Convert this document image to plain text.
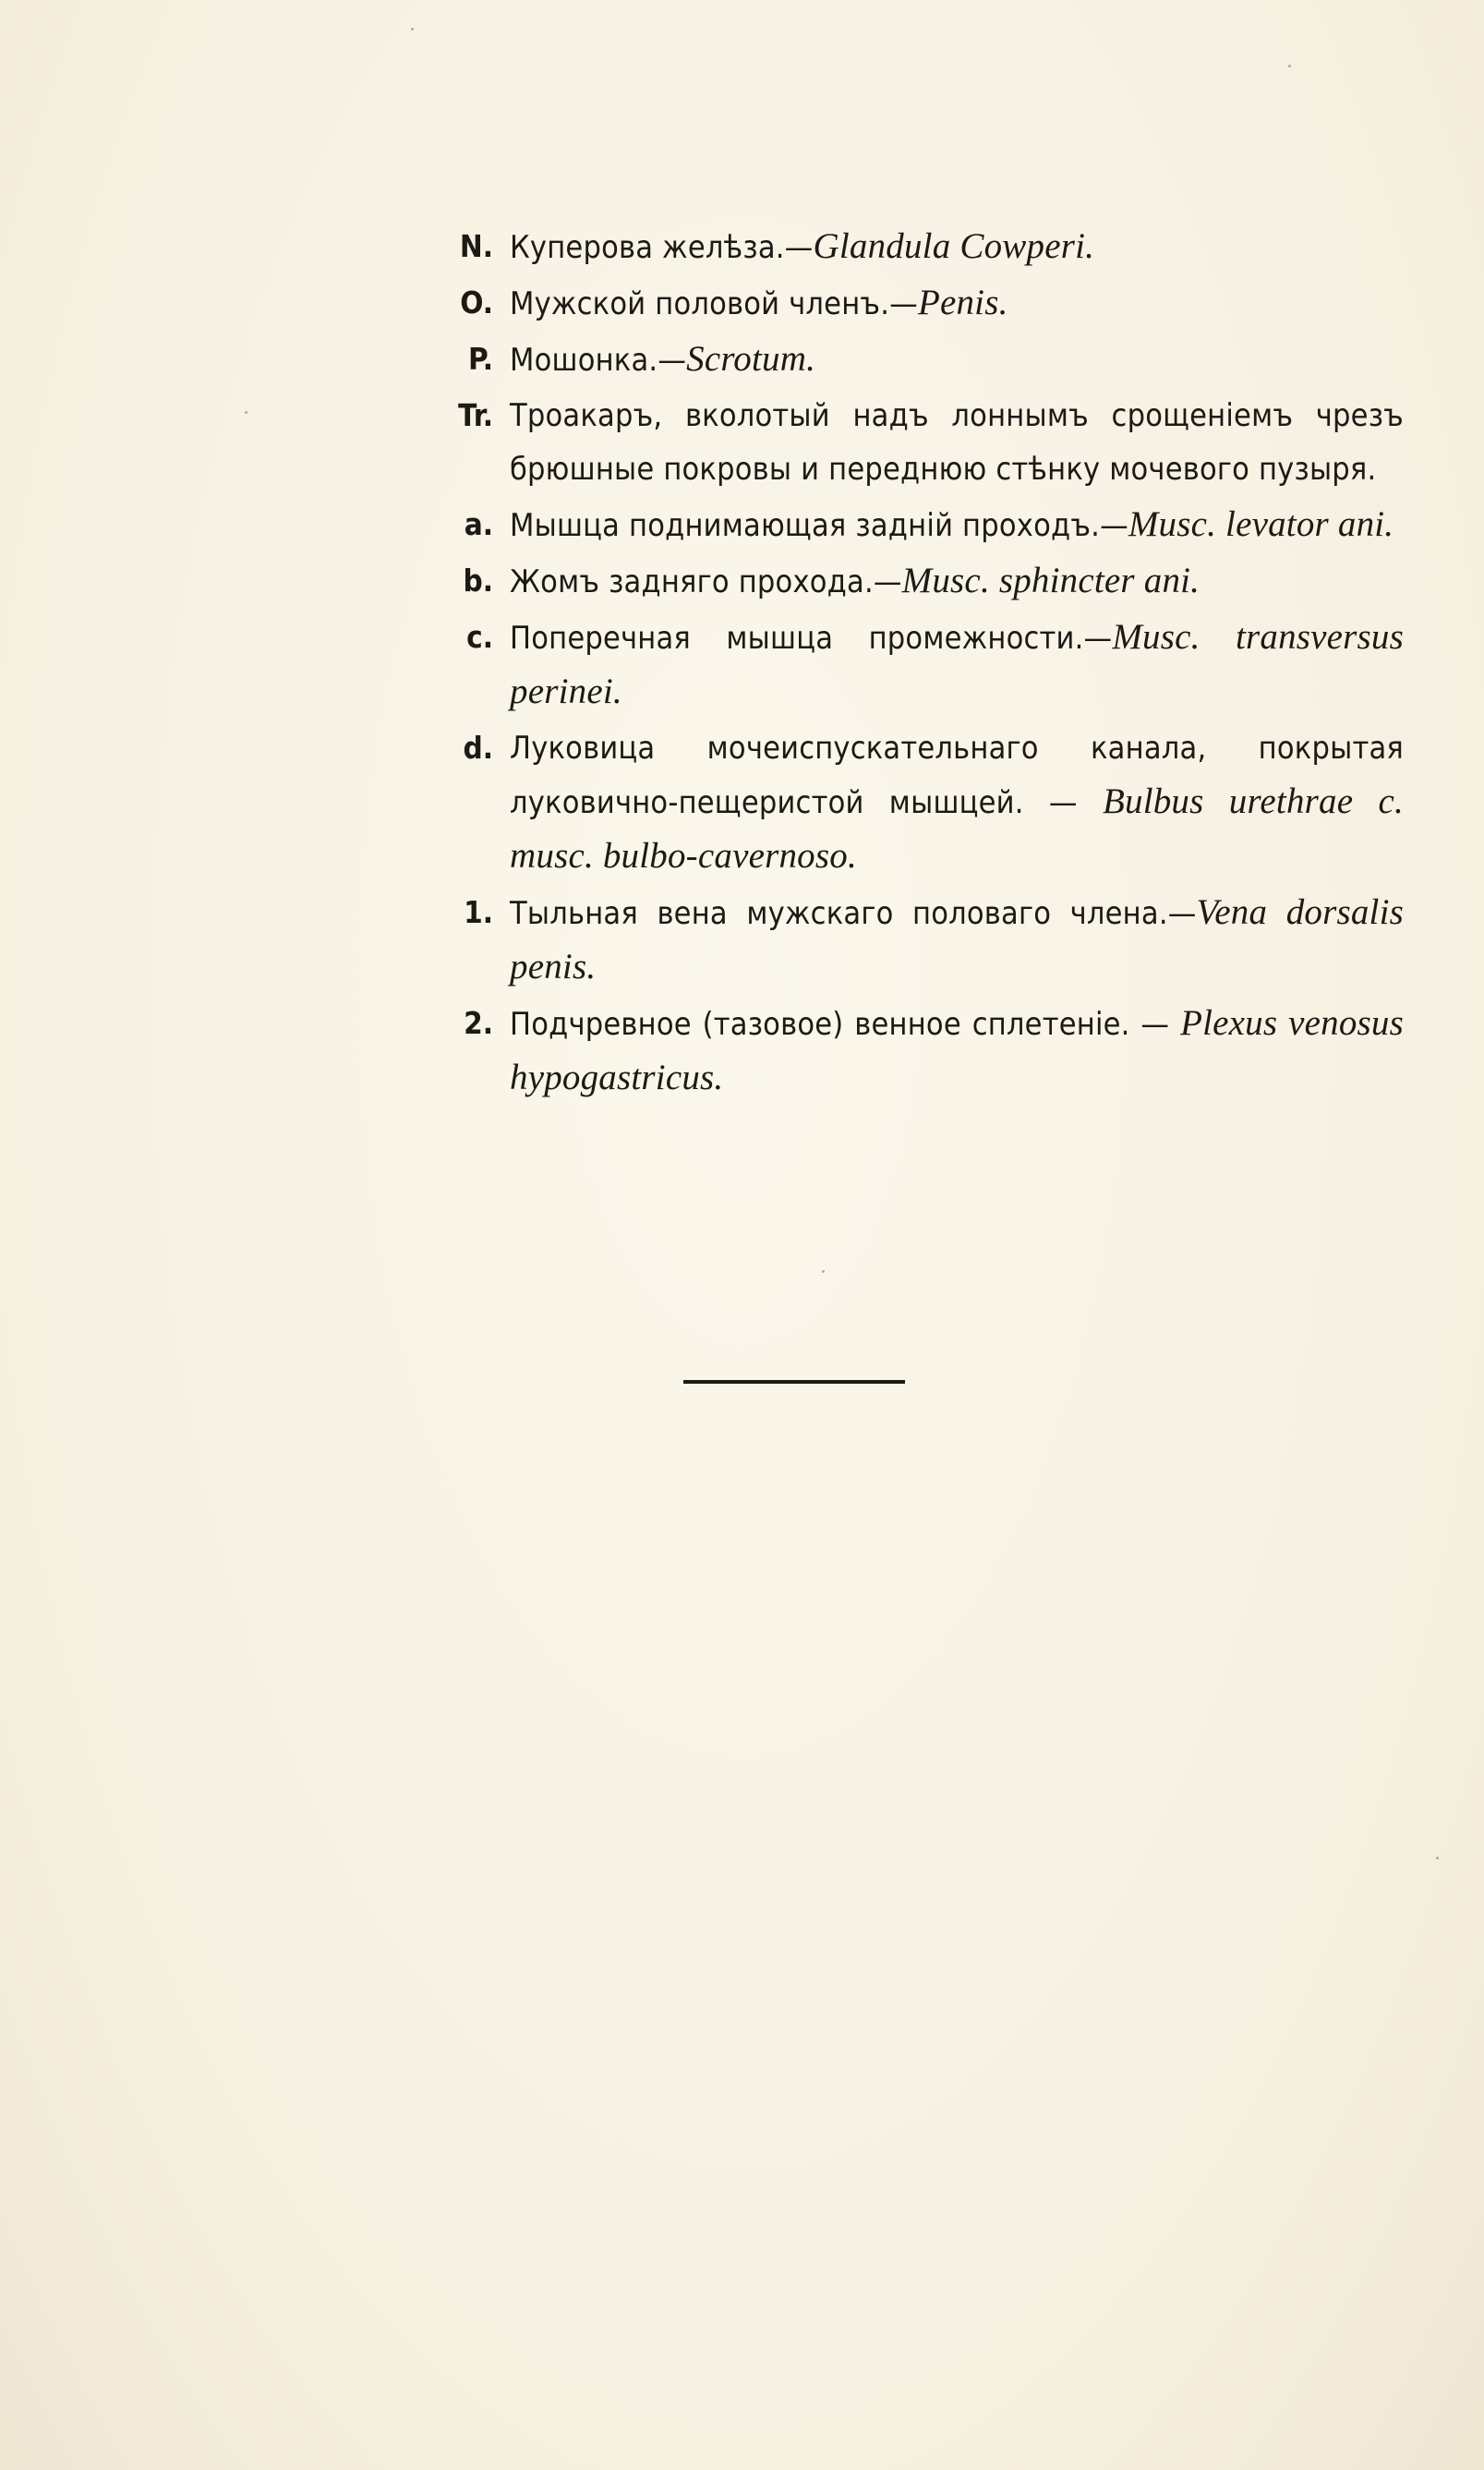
N. Куперова желѣза.—Glandula Cowperi.
O. Мужской половой членъ.—Penis.
P. Мошонка.—Scrotum.
Tr. Троакаръ, вколотый надъ лоннымъ срощеніемъ чрезъ брюшные покровы и переднюю стѣнку мочевого пузыря.
a. Мышца поднимающая задній проходъ.—Musc. levator ani.
b. Жомъ задняго прохода.—Musc. sphincter ani.
c. Поперечная мышца промежности.—Musc. transversus perinei.
d. Луковица мочеиспускательнаго канала, покрытая луковично-пещеристой мышцей. — Bulbus urethrae c. musc. bulbo-cavernoso.
1. Тыльная вена мужскаго половаго члена.—Vena dorsalis penis.
2. Подчревное (тазовое) венное сплетеніе. — Plexus venosus hypogastricus.
